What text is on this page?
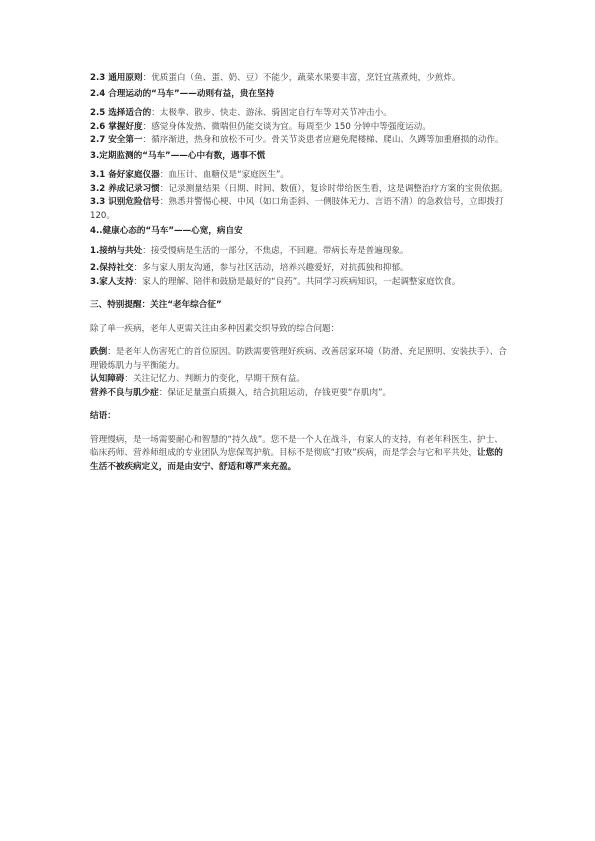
2.3 通用原则：优质蛋白（鱼、蛋、奶、豆）不能少，蔬菜水果要丰富，烹饪宜蒸煮炖，少煎炸。
2.4 合理运动的“马车”——动则有益，贵在坚持
2.5 选择适合的：太极拳、散步、快走、游泳、骑固定自行车等对关节冲击小。
2.6 掌握好度：感觉身体发热、微喘但仍能交谈为宜。每周至少 150 分钟中等强度运动。
2.7 安全第一：循序渐进，热身和放松不可少。骨关节炎患者应避免爬楼梯、爬山、久蹲等加重磨损的动作。
3.定期监测的“马车”——心中有数，遇事不慌
3.1 备好家庭仪器：血压计、血糖仪是“家庭医生”。
3.2 养成记录习惯：记录测量结果（日期、时间、数值），复诊时带给医生看，这是调整治疗方案的宝贵依据。
3.3 识别危险信号：熟悉并警惕心梗、中风（如口角歪斜、一侧肢体无力、言语不清）的急救信号，立即拨打 120。
4..健康心态的“马车”——心宽，病自安
1.接纳与共处：接受慢病是生活的一部分，不焦虑，不回避。带病长寿是普遍现象。
2.保持社交：多与家人朋友沟通，参与社区活动，培养兴趣爱好，对抗孤独和抑郁。
3.家人支持：家人的理解、陪伴和鼓励是最好的“良药”。共同学习疾病知识，一起调整家庭饮食。
三、特别提醒：关注“老年综合征”
除了单一疾病，老年人更需关注由多种因素交织导致的综合问题：
跌倒：是老年人伤害死亡的首位原因。防跌需要管理好疾病、改善居家环境（防滑、充足照明、安装扶手）、合理锻炼肌力与平衡能力。
认知障碍：关注记忆力、判断力的变化，早期干预有益。
营养不良与肌少症：保证足量蛋白质摄入，结合抗阻运动，存钱更要“存肌肉”。
结语：
管理慢病，是一场需要耐心和智慧的“持久战”。您不是一个人在战斗，有家人的支持，有老年科医生、护士、临床药师、营养师组成的专业团队为您保驾护航。目标不是彻底“打败”疾病，而是学会与它和平共处，让您的生活不被疾病定义，而是由安宁、舒适和尊严来充盈。
